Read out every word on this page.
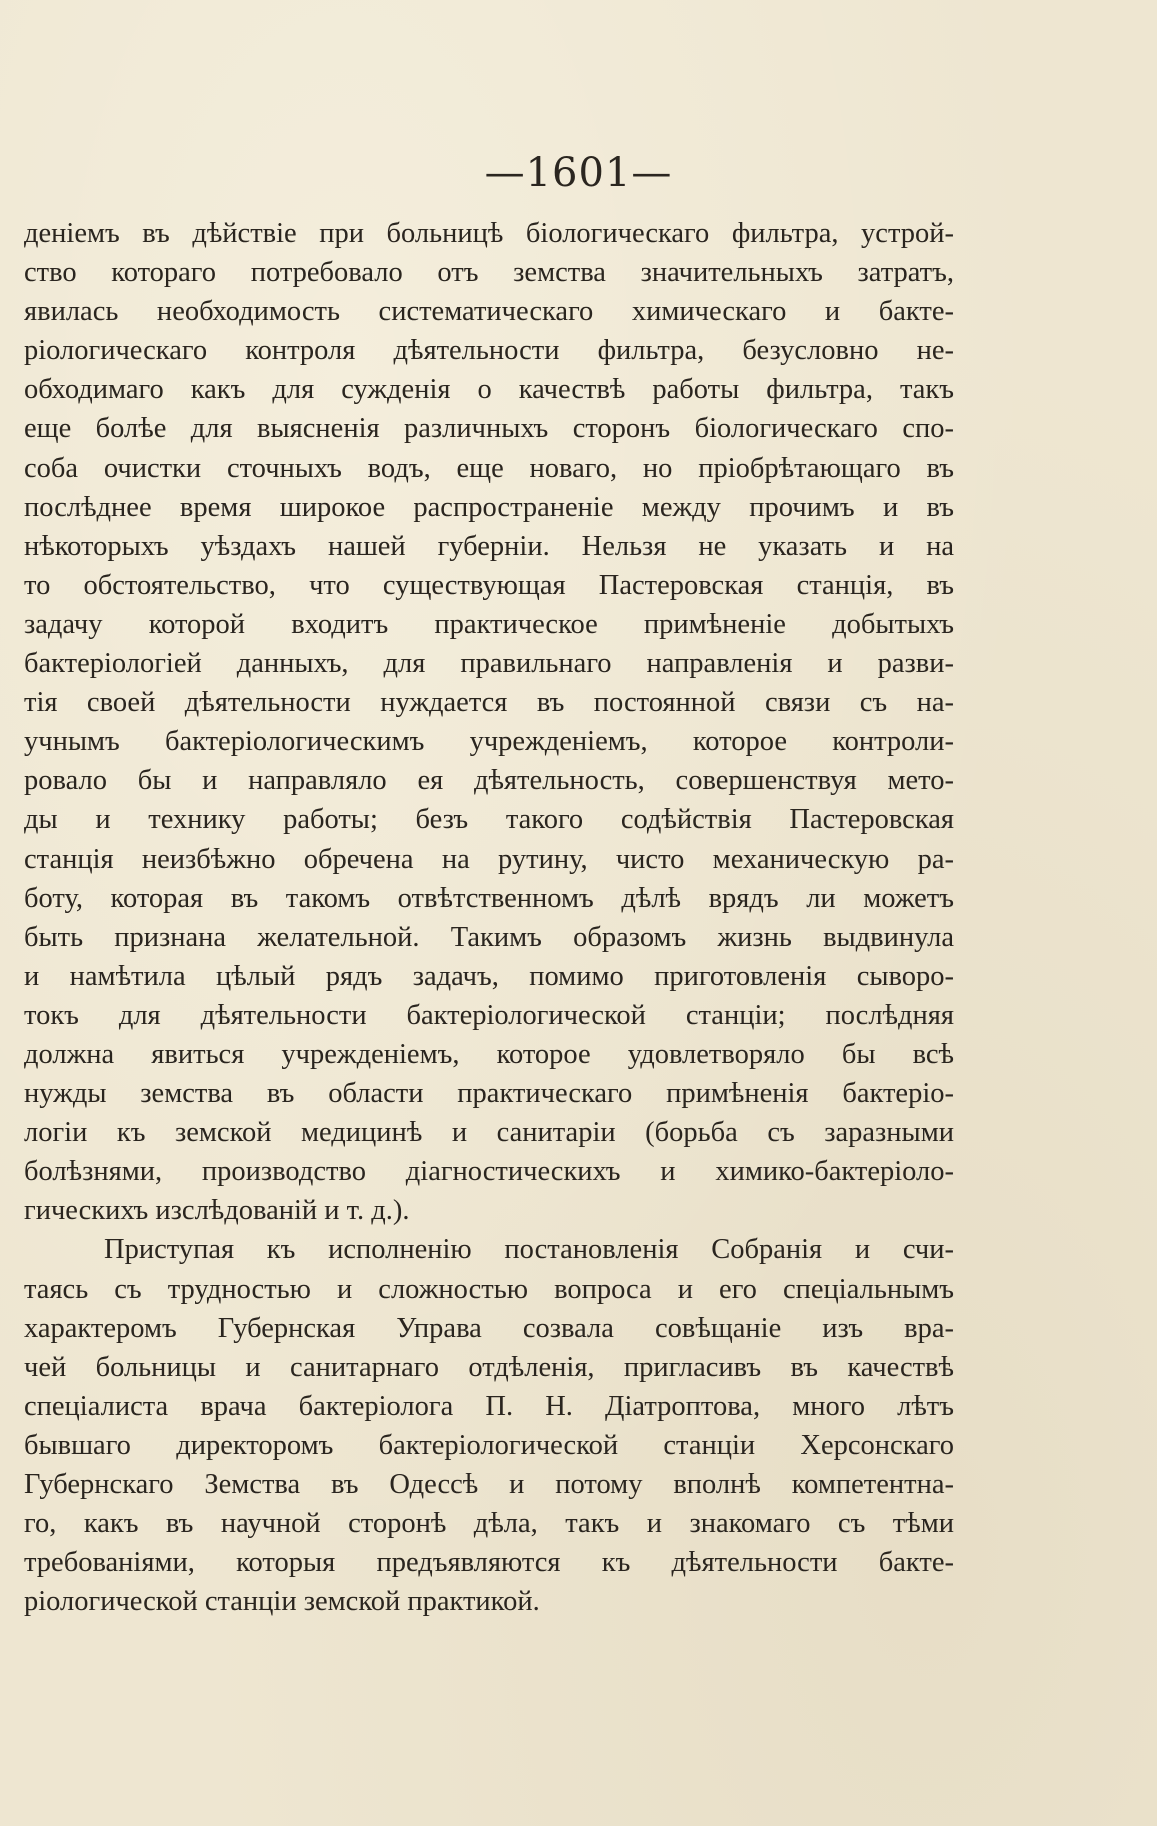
—1601—
деніемъ въ дѣйствіе при больницѣ біологическаго фильтра, устрой-
ство котораго потребовало отъ земства значительныхъ затратъ,
явилась необходимость систематическаго химическаго и бакте-
ріологическаго контроля дѣятельности фильтра, безусловно не-
обходимаго какъ для сужденія о качествѣ работы фильтра, такъ
еще болѣе для выясненія различныхъ сторонъ біологическаго спо-
соба очистки сточныхъ водъ, еще новаго, но пріобрѣтающаго въ
послѣднее время широкое распространеніе между прочимъ и въ
нѣкоторыхъ уѣздахъ нашей губерніи. Нельзя не указать и на
то обстоятельство, что существующая Пастеровская станція, въ
задачу которой входитъ практическое примѣненіе добытыхъ
бактеріологіей данныхъ, для правильнаго направленія и разви-
тія своей дѣятельности нуждается въ постоянной связи съ на-
учнымъ бактеріологическимъ учрежденіемъ, которое контроли-
ровало бы и направляло ея дѣятельность, совершенствуя мето-
ды и технику работы; безъ такого содѣйствія Пастеровская
станція неизбѣжно обречена на рутину, чисто механическую ра-
боту, которая въ такомъ отвѣтственномъ дѣлѣ врядъ ли можетъ
быть признана желательной. Такимъ образомъ жизнь выдвинула
и намѣтила цѣлый рядъ задачъ, помимо приготовленія сыворо-
токъ для дѣятельности бактеріологической станціи; послѣдняя
должна явиться учрежденіемъ, которое удовлетворяло бы всѣ
нужды земства въ области практическаго примѣненія бактеріо-
логіи къ земской медицинѣ и санитаріи (борьба съ заразными
болѣзнями, производство діагностическихъ и химико-бактеріоло-
гическихъ изслѣдованій и т. д.).
Приступая къ исполненію постановленія Собранія и счи-
таясь съ трудностью и сложностью вопроса и его спеціальнымъ
характеромъ Губернская Управа созвала совѣщаніе изъ вра-
чей больницы и санитарнаго отдѣленія, пригласивъ въ качествѣ
спеціалиста врача бактеріолога П. Н. Діатроптова, много лѣтъ
бывшаго директоромъ бактеріологической станціи Херсонскаго
Губернскаго Земства въ Одессѣ и потому вполнѣ компетентна-
го, какъ въ научной сторонѣ дѣла, такъ и знакомаго съ тѣми
требованіями, которыя предъявляются къ дѣятельности бакте-
ріологической станціи земской практикой.
